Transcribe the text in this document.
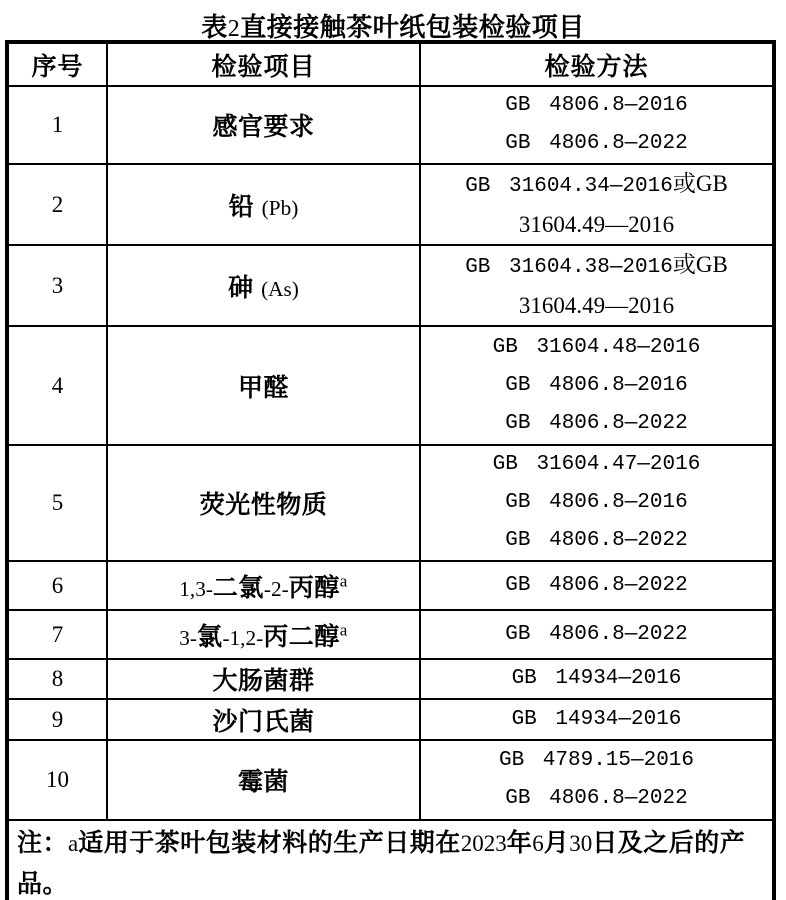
表2直接接触茶叶纸包装检验项目
序号	检验项目	检验方法
1	感官要求	GB 4806.8—2016
GB 4806.8—2022

2	铅 (Pb)	GB 31604.34—2016或GB
31604.49—2016

3	砷 (As)	GB 31604.38—2016或GB
31604.49—2016

4	甲醛	GB 31604.48—2016
GB 4806.8—2016
GB 4806.8—2022

5	荧光性物质	GB 31604.47—2016
GB 4806.8—2016
GB 4806.8—2022

6	1,3-二氯-2-丙醇$^a$	GB 4806.8—2022

7	3-氯-1,2-丙二醇$^a$	GB 4806.8—2022

8	大肠菌群	GB 14934—2016

9	沙门氏菌	GB 14934—2016

10	霉菌	GB 4789.15—2016
GB 4806.8—2022

注：a适用于茶叶包装材料的生产日期在2023年6月30日及之后的产品。		
